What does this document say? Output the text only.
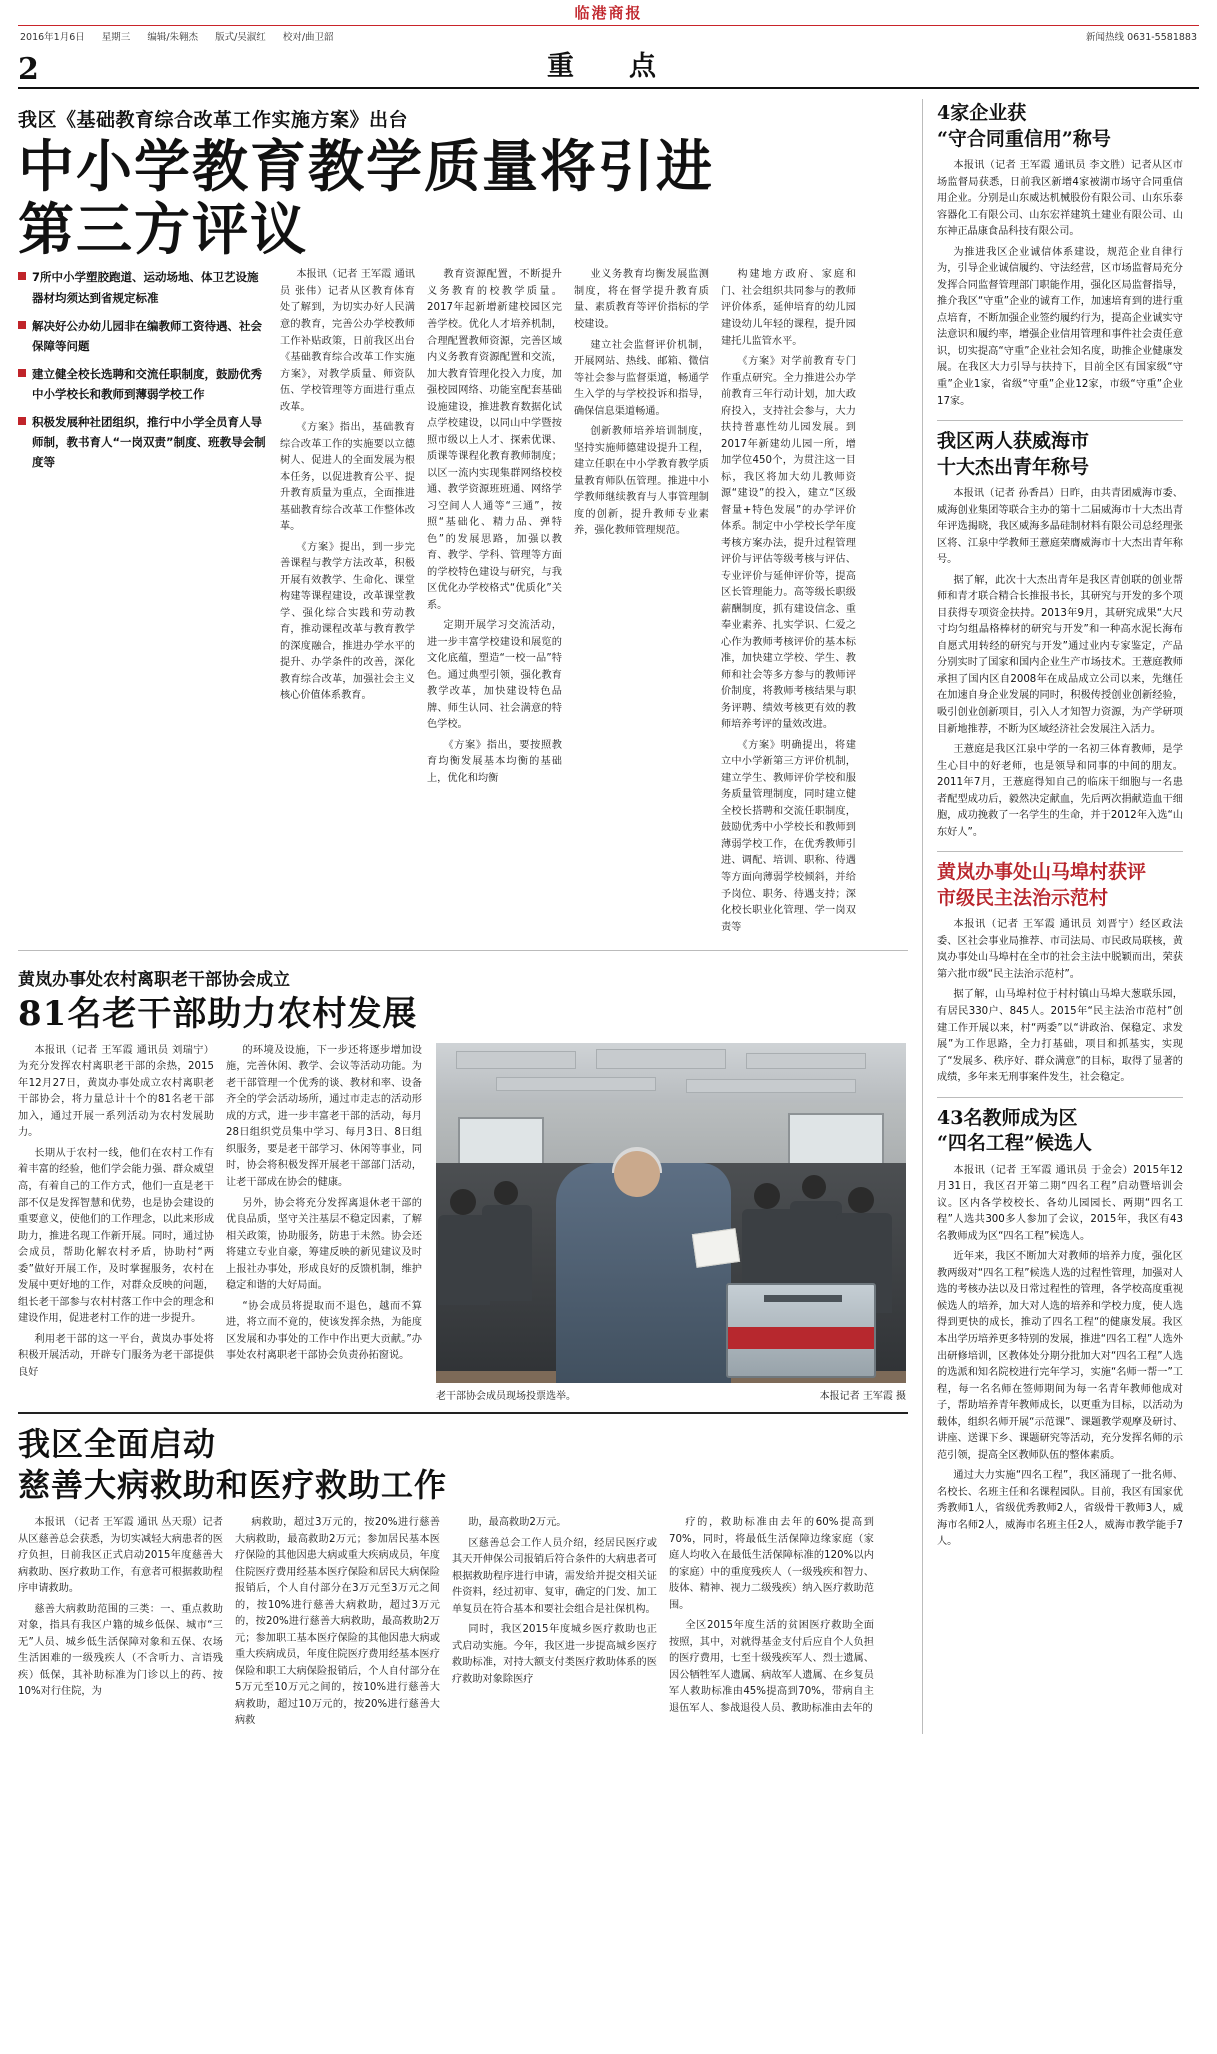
临港商报
2016年1月6日 星期三 编辑/朱翱杰 版式/吴淑红 校对/曲卫韶	新闻热线 0631-5581883
2	重　点
我区《基础教育综合改革工作实施方案》出台
中小学教育教学质量将引进
第三方评议
7所中小学塑胶跑道、运动场地、体卫艺设施器材均须达到省规定标准
解决好公办幼儿园非在编教师工资待遇、社会保障等问题
建立健全校长选聘和交流任职制度，鼓励优秀中小学校长和教师到薄弱学校工作
积极发展种社团组织，推行中小学全员育人导师制，教书育人“一岗双责”制度、班教导会制度等

本报讯（记者 王军霞 通讯员 张伟）记者从区教育体育处了解到，为切实办好人民满意的教育，完善公办学校教师工作补贴政策，日前我区出台《基础教育综合改革工作实施方案》，对教学质量、师资队伍、学校管理等方面进行重点改革。

《方案》指出，基础教育综合改革工作的实施要以立德树人、促进人的全面发展为根本任务，以促进教育公平、提升教育质量为重点，全面推进基础教育综合改革工作整体改革。

《方案》提出，到一步完善课程与教学方法改革，积极开展有效教学、生命化、课堂构建等课程建设，改革课堂教学、强化综合实践和劳动教育，推动课程改革与教育教学的深度融合，推进办学水平的提升、办学条件的改善，深化教育综合改革，加强社会主义核心价值体系教育。

教育资源配置，不断提升义务教育的校教学质量。2017年起新增新建校园区完善学校。优化人才培养机制，合理配置教师资源，完善区域内义务教育资源配置和交流，加大教育管理化投入力度，加强校园网络、功能室配套基础设施建设，推进教育数据化试点学校建设，以同山中学暨按照市级以上人才、探索优课、质课等课程化教育教师制度；以区一流内实现集群网络校校通、教学资源班班通、网络学习空间人人通等“三通”，按照“基础化、精力品、弹特色”的发展思路，加强以教育、教学、学科、管理等方面的学校特色建设与研究，与我区优化办学校格式“优质化”关系。

定期开展学习交流活动，进一步丰富学校建设和展览的文化底蕴，塑造“一校一品”特色。通过典型引领，强化教育教学改革，加快建设特色品牌、师生认同、社会满意的特色学校。

《方案》指出，要按照教育均衡发展基本均衡的基础上，优化和均衡

业义务教育均衡发展监测制度，将在督学提升教育质量、素质教育等评价指标的学校建设。

建立社会监督评价机制，开展网站、热线、邮箱、微信等社会参与监督渠道，畅通学生入学的与学校投诉和指导，确保信息渠道畅通。

创新教师培养培训制度，坚持实施师德建设提升工程，建立任职在中小学教育教学质量教育师队伍管理。推进中小学教师继续教育与人事管理制度的创新，提升教师专业素养，强化教师管理规范。

构建地方政府、家庭和门、社会组织共同参与的教师评价体系，延伸培育的幼儿园建设幼儿年轻的课程，提升园建托儿监管水平。

《方案》对学前教育专门作重点研究。全力推进公办学前教育三年行动计划，加大政府投入，支持社会参与，大力扶持普惠性幼儿园发展。到2017年新建幼儿园一所，增加学位450个，为贯注这一目标，我区将加大幼儿教师资源“建设”的投入，建立“区级督量+特色发展”的办学评价体系。制定中小学校长学年度考核方案办法，提升过程管理评价与评估等级考核与评估、专业评价与延伸评价等，提高区长管理能力。高等级长职级薪酬制度，抓有建设信念、重奉业素养、扎实学识、仁爱之心作为教师考核评价的基本标准，加快建立学校、学生、教师和社会等多方参与的教师评价制度，将教师考核结果与职务评聘、绩效考核更有效的教师培养考评的量效改进。

《方案》明确提出，将建立中小学新第三方评价机制，建立学生、教师评价学校和服务质量管理制度，同时建立健全校长搭聘和交流任职制度，鼓励优秀中小学校长和教师到薄弱学校工作，在优秀教师引进、调配、培训、职称、待遇等方面向薄弱学校倾斜，并给予岗位、职务、待遇支持；深化校长职业化管理、学一岗双责等

黄岚办事处农村离职老干部协会成立
81名老干部助力农村发展

本报讯（记者 王军霞 通讯员 刘瑞宁）为充分发挥农村离职老干部的余热，2015年12月27日，黄岚办事处成立农村离职老干部协会，将力量总计十个的81名老干部加入，通过开展一系列活动为农村发展助力。

长期从于农村一线，他们在农村工作有着丰富的经验，他们学会能力强、群众威望高，有着自己的工作方式，他们一直是老干部不仅是发挥智慧和优势，也是协会建设的重要意义，使他们的工作理念，以此来形成助力，推进名现工作新开展。同时，通过协会成员，帮助化解农村矛盾，协助村“两委”做好开展工作，及时掌握服务，农村在发展中更好地的工作，对群众反映的问题，组长老干部参与农村村落工作中会的理念和建设作用，促进老村工作的进一步提升。

利用老干部的这一平台，黄岚办事处将积极开展活动，开辟专门服务为老干部提供良好

的环境及设施，下一步还将逐步增加设施，完善休闲、教学、会议等活动功能。为老干部管理一个优秀的谈、教材和率、设备齐全的学会活动场所，通过市走志的活动形成的方式，进一步丰富老干部的活动，每月28日组织党员集中学习、每月3日、8日组织服务，要是老干部学习、休闲等事业，同时，协会将积极发挥开展老干部部门活动，让老干部成在协会的健康。

另外，协会将充分发挥离退休老干部的优良品质，坚守关注基层不稳定因素，了解相关政策，协助服务，防患于未然。协会还将建立专业自豪，筹建反映的新见建议及时上报社办事处，形成良好的反馈机制，维护稳定和谐的大好局面。

“协会成员将提取而不退色，越而不算进，将立而不竟的，使该发挥余热，为能度区发展和办事处的工作中作出更大贡献。”办事处农村离职老干部协会负责孙拓窗说。

老干部协会成员现场投票选举。	本报记者 王军霞 摄
我区全面启动
慈善大病救助和医疗救助工作

本报讯 （记者 王军霞 通讯 丛天璟）记者从区慈善总会获悉，为切实减轻大病患者的医疗负担，日前我区正式启动2015年度慈善大病救助、医疗救助工作，有意者可根据救助程序申请救助。

慈善大病救助范围的三类：一、重点救助对象，指具有我区户籍的城乡低保、城市“三无”人员、城乡低生活保障对象和五保、农场生活困难的一级残疾人（不含听力、言语残疾）低保，其补助标准为门诊以上的药、按10%对行住院，为

病救助，超过3万元的，按20%进行慈善大病救助，最高救助2万元；参加居民基本医疗保险的其他因患大病或重大疾病成员，年度住院医疗费用经基本医疗保险和居民大病保险报销后，个人自付部分在3万元至3万元之间的，按10%进行慈善大病救助，超过3万元的，按20%进行慈善大病救助，最高救助2万元；参加职工基本医疗保险的其他因患大病或重大疾病成员，年度住院医疗费用经基本医疗保险和职工大病保险报销后，个人自付部分在5万元至10万元之间的，按10%进行慈善大病救助，超过10万元的，按20%进行慈善大病救

助，最高救助2万元。

区慈善总会工作人员介绍，经居民医疗或其天开伸保公司报销后符合条件的大病患者可根据救助程序进行申请，需发给并提交相关证件资料，经过初审、复审，确定的门发、加工单复员在符合基本和要社会组合是社保机构。

同时，我区2015年度城乡医疗救助也正式启动实施。今年，我区进一步提高城乡医疗救助标准，对持大额支付类医疗救助体系的医疗救助对象除医疗

疗的，救助标准由去年的60%提高到70%，同时，将最低生活保障边缘家庭（家庭人均收入在最低生活保障标准的120%以内的家庭）中的重度残疾人（一级残疾和智力、肢体、精神、视力二级残疾）纳入医疗救助范围。

全区2015年度生活的贫困医疗救助全面按照，其中，对就得基金支付后应自个人负担的医疗费用，七至十级残疾军人、烈士遗属、因公牺牲军人遗属、病故军人遗属、在乡复员军人救助标准由45%提高到70%，带病自主退伍军人、参战退役人员、教助标准由去年的

4家企业获
“守合同重信用”称号

本报讯（记者 王军霞 通讯员 李文胜）记者从区市场监督局获悉，日前我区新增4家被湖市场守合同重信用企业。分别是山东威达机械股份有限公司、山东乐泰容器化工有限公司、山东宏祥建筑土建业有限公司、山东神正晶康食品科技有限公司。

为推进我区企业诚信体系建设，规范企业自律行为，引导企业诚信履约、守法经营，区市场监督局充分发挥合同监督管理部门职能作用，强化区局监督指导，推介我区“守重”企业的诚育工作，加速培育到的进行重点培育，不断加强企业签约履约行为，提高企业诚实守法意识和履约率，增强企业信用管理和事件社会责任意识，切实提高“守重”企业社会知名度，助推企业健康发展。在我区大力引导与扶持下，目前全区有国家级“守重”企业1家，省级“守重”企业12家，市级“守重”企业17家。

我区两人获威海市
十大杰出青年称号

本报讯（记者 孙香昌）日昨，由共青团威海市委、威海创业集团等联合主办的第十二届威海市十大杰出青年评选揭晓，我区威海多晶硅制材料有限公司总经理张区将、江泉中学教师王薏庭荣膺威海市十大杰出青年称号。

据了解，此次十大杰出青年是我区青创联的创业帮师和青才联合精合长推报书长，其研究与开发的多个项目获得专项资金扶持。2013年9月，其研究成果“大尺寸均匀组晶格棒材的研究与开发”和一种高水泥长海布自愿式用转经的研究与开发”通过业内专家鉴定，产品分别实时了国家和国内企业生产市场技术。王薏庭教师承担了国内区自2008年在成品成立公司以来，先继任在加速自身企业发展的同时，积极传授创业创新经验，吸引创业创新项目，引入人才知智力资源，为产学研项目新地推荐，不断为区域经济社会发展注入活力。

王薏庭是我区江泉中学的一名初三体育教师，是学生心目中的好老师，也是领导和同事的中间的朋友。2011年7月，王薏庭得知自己的临床干细胞与一名患者配型成功后，毅然决定献血，先后两次捐献造血干细胞，成功挽救了一名学生的生命，并于2012年入选“山东好人”。

黄岚办事处山马埠村获评
市级民主法治示范村

本报讯（记者 王军霞 通讯员 刘晋宁）经区政法委、区社会事业局推荐、市司法局、市民政局联核，黄岚办事处山马埠村在全市的社会主法中脱颖而出，荣获第六批市级“民主法治示范村”。

据了解，山马埠村位于村村镇山马埠大葱联乐园，有居民330户、845人。2015年“民主法治市范村”创建工作开展以来，村“两委”以“讲政治、保稳定、求发展”为工作思路，全力打基础，项目和抓基实，实现了“发展多、秩序好、群众满意”的目标，取得了显著的成绩，多年来无刑事案件发生，社会稳定。

43名教师成为区
“四名工程”候选人

本报讯（记者 王军霞 通讯员 于金会）2015年12月31日，我区召开第二期“四名工程”启动暨培训会议。区内各学校校长、各幼儿园园长、两期“四名工程”人选共300多人参加了会议，2015年，我区有43名教师成为区“四名工程”候选人。

近年来，我区不断加大对教师的培养力度，强化区教两级对“四名工程”候选人选的过程性管理，加强对人选的考核办法以及日常过程性的管理，各学校高度重视候选人的培养，加大对人选的培养和学校力度，使人选得到更快的成长，推动了四名工程“的健康发展。我区本出学历培养更多特别的发展，推进“四名工程”人选外出研修培训，区教体处分期分批加大对“四名工程”人选的选派和知名院校进行完年学习，实施“名师一帮一”工程，每一名名师在签师期间为每一名青年教师他成对子，帮助培养青年教师成长，以更重为目标，以活动为载体，组织名师开展“示范课”、课题教学观摩及研讨、讲座、送课下乡、课题研究等活动，充分发挥名师的示范引领，提高全区教师队伍的整体素质。

通过大力实施“四名工程”，我区涌现了一批名师、名校长、名班主任和名课程园队。目前，我区有国家优秀教师1人，省级优秀教师2人，省级骨干教师3人，威海市名师2人，威海市名班主任2人，威海市教学能手7人。
